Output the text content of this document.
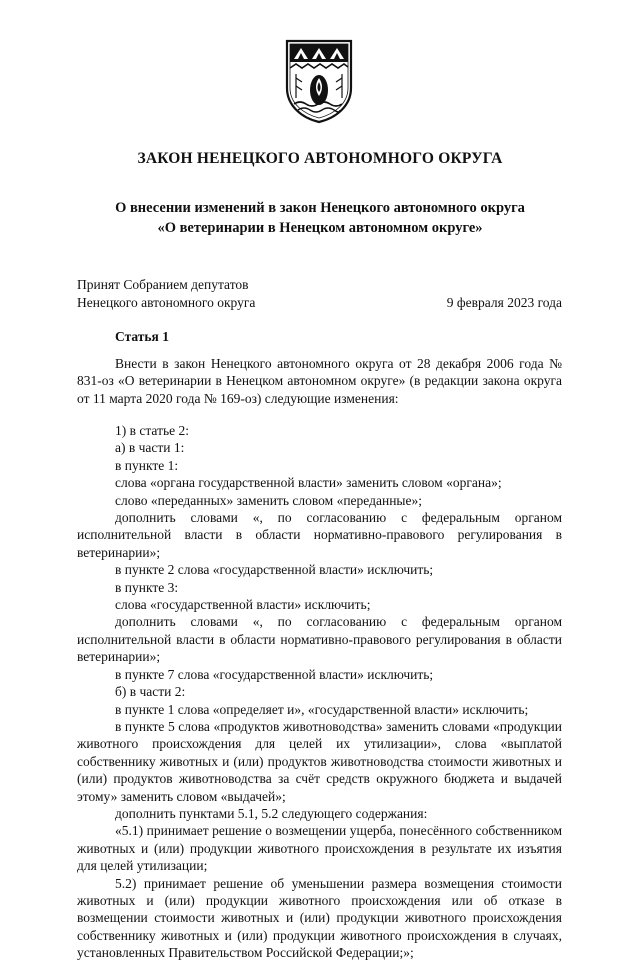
ЗАКОН НЕНЕЦКОГО АВТОНОМНОГО ОКРУГА
О внесении изменений в закон Ненецкого автономного округа
«О ветеринарии в Ненецком автономном округе»
Принят Собранием депутатов
Ненецкого автономного округа	9 февраля 2023 года
Статья 1

Внести в закон Ненецкого автономного округа от 28 декабря 2006 года № 831-оз «О ветеринарии в Ненецком автономном округе» (в редакции закона округа от 11 марта 2020 года № 169-оз) следующие изменения:

1) в статье 2:
а) в части 1:
в пункте 1:
слова «органа государственной власти» заменить словом «органа»;
слово «переданных» заменить словом «переданные»;
дополнить словами «, по согласованию с федеральным органом исполнительной власти в области нормативно-правового регулирования в ветеринарии»;
в пункте 2 слова «государственной власти» исключить;
в пункте 3:
слова «государственной власти» исключить;
дополнить словами «, по согласованию с федеральным органом исполнительной власти в области нормативно-правового регулирования в области ветеринарии»;
в пункте 7 слова «государственной власти» исключить;
б) в части 2:
в пункте 1 слова «определяет и», «государственной власти» исключить;
в пункте 5 слова «продуктов животноводства» заменить словами «продукции животного происхождения для целей их утилизации», слова «выплатой собственнику животных и (или) продуктов животноводства стоимости животных и (или) продуктов животноводства за счёт средств окружного бюджета и выдачей этому» заменить словом «выдачей»;
дополнить пунктами 5.1, 5.2 следующего содержания:
«5.1) принимает решение о возмещении ущерба, понесённого собственником животных и (или) продукции животного происхождения в результате их изъятия для целей утилизации;
5.2) принимает решение об уменьшении размера возмещения стоимости животных и (или) продукции животного происхождения или об отказе в возмещении стоимости животных и (или) продукции животного происхождения собственнику животных и (или) продукции животного происхождения в случаях, установленных Правительством Российской Федерации;»;
